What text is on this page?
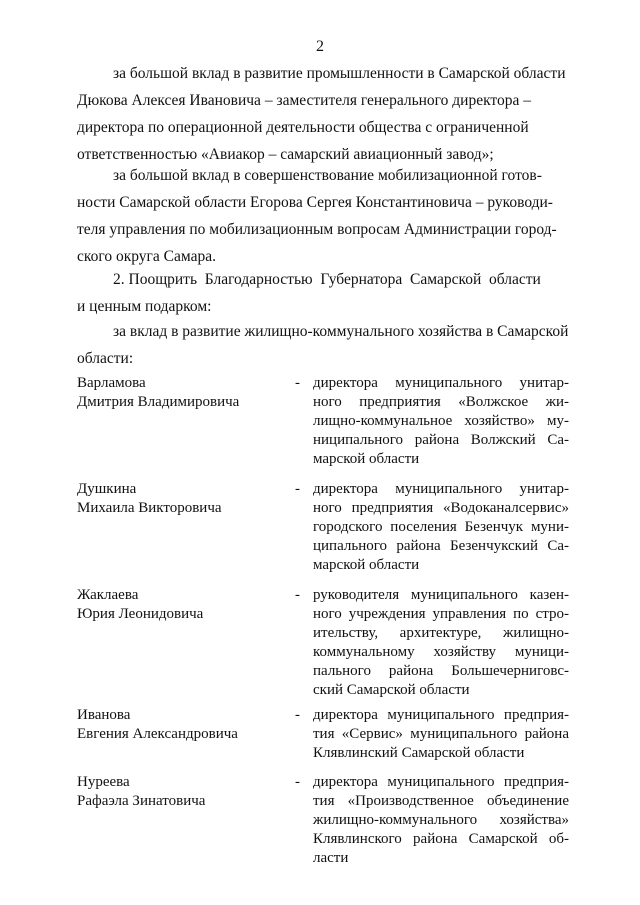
2
за большой вклад в развитие промышленности в Самарской области
Дюкова Алексея Ивановича – заместителя генерального директора –
директора по операционной деятельности общества с ограниченной
ответственностью «Авиакор – самарский авиационный завод»;
за большой вклад в совершенствование мобилизационной готов-
ности Самарской области Егорова Сергея Константиновича – руководи-
теля управления по мобилизационным вопросам Администрации город-
ского округа Самара.
2. Поощрить  Благодарностью  Губернатора  Самарской  области
и ценным подарком:
за вклад в развитие жилищно-коммунального хозяйства в Самарской
области:
Варламова
Дмитрия Владимировича
- директора муниципального унитар-
ного предприятия «Волжское жи-
лищно-коммунальное хозяйство» му-
ниципального района Волжский Са-
марской области
Душкина
Михаила Викторовича
- директора муниципального унитар-
ного предприятия «Водоканалсервис»
городского поселения Безенчук муни-
ципального района Безенчукский Са-
марской области
Жаклаева
Юрия Леонидовича
- руководителя муниципального казен-
ного учреждения управления по стро-
ительству, архитектуре, жилищно-
коммунальному хозяйству муници-
пального района Большечерниговс-
ский Самарской области
Иванова
Евгения Александровича
- директора муниципального предприя-
тия «Сервис» муниципального района
Клявлинский Самарской области
Нуреева
Рафаэла Зинатовича
- директора муниципального предприя-
тия «Производственное объединение
жилищно-коммунального хозяйства»
Клявлинского района Самарской об-
ласти
